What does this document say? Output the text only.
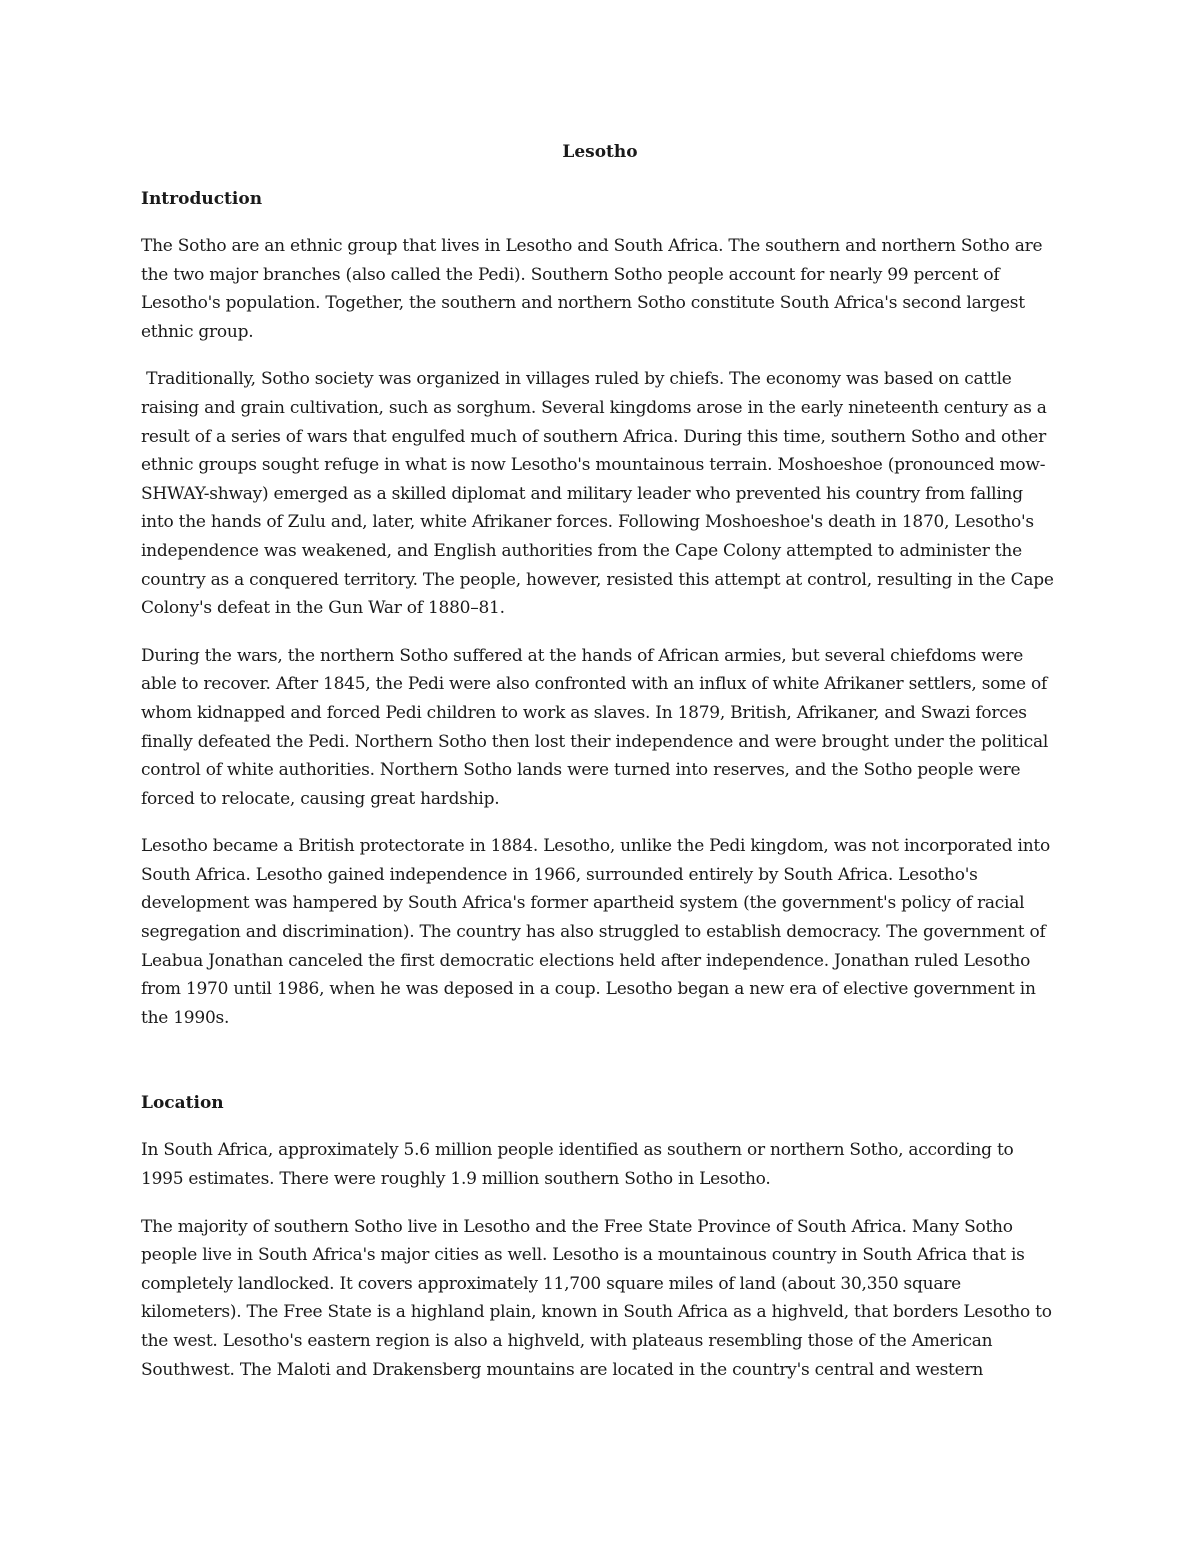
Lesotho
Introduction

The Sotho are an ethnic group that lives in Lesotho and South Africa. The southern and northern Sotho are the two major branches (also called the Pedi). Southern Sotho people account for nearly 99 percent of Lesotho's population. Together, the southern and northern Sotho constitute South Africa's second largest ethnic group.

Traditionally, Sotho society was organized in villages ruled by chiefs. The economy was based on cattle raising and grain cultivation, such as sorghum. Several kingdoms arose in the early nineteenth century as a result of a series of wars that engulfed much of southern Africa. During this time, southern Sotho and other ethnic groups sought refuge in what is now Lesotho's mountainous terrain. Moshoeshoe (pronounced mow-SHWAY-shway) emerged as a skilled diplomat and military leader who prevented his country from falling into the hands of Zulu and, later, white Afrikaner forces. Following Moshoeshoe's death in 1870, Lesotho's independence was weakened, and English authorities from the Cape Colony attempted to administer the country as a conquered territory. The people, however, resisted this attempt at control, resulting in the Cape Colony's defeat in the Gun War of 1880–81.

During the wars, the northern Sotho suffered at the hands of African armies, but several chiefdoms were able to recover. After 1845, the Pedi were also confronted with an influx of white Afrikaner settlers, some of whom kidnapped and forced Pedi children to work as slaves. In 1879, British, Afrikaner, and Swazi forces finally defeated the Pedi. Northern Sotho then lost their independence and were brought under the political control of white authorities. Northern Sotho lands were turned into reserves, and the Sotho people were forced to relocate, causing great hardship.

Lesotho became a British protectorate in 1884. Lesotho, unlike the Pedi kingdom, was not incorporated into South Africa. Lesotho gained independence in 1966, surrounded entirely by South Africa. Lesotho's development was hampered by South Africa's former apartheid system (the government's policy of racial segregation and discrimination). The country has also struggled to establish democracy. The government of Leabua Jonathan canceled the first democratic elections held after independence. Jonathan ruled Lesotho from 1970 until 1986, when he was deposed in a coup. Lesotho began a new era of elective government in the 1990s.

Location

In South Africa, approximately 5.6 million people identified as southern or northern Sotho, according to 1995 estimates. There were roughly 1.9 million southern Sotho in Lesotho.

The majority of southern Sotho live in Lesotho and the Free State Province of South Africa. Many Sotho people live in South Africa's major cities as well. Lesotho is a mountainous country in South Africa that is completely landlocked. It covers approximately 11,700 square miles of land (about 30,350 square kilometers). The Free State is a highland plain, known in South Africa as a highveld, that borders Lesotho to the west. Lesotho's eastern region is also a highveld, with plateaus resembling those of the American Southwest. The Maloti and Drakensberg mountains are located in the country's central and western
